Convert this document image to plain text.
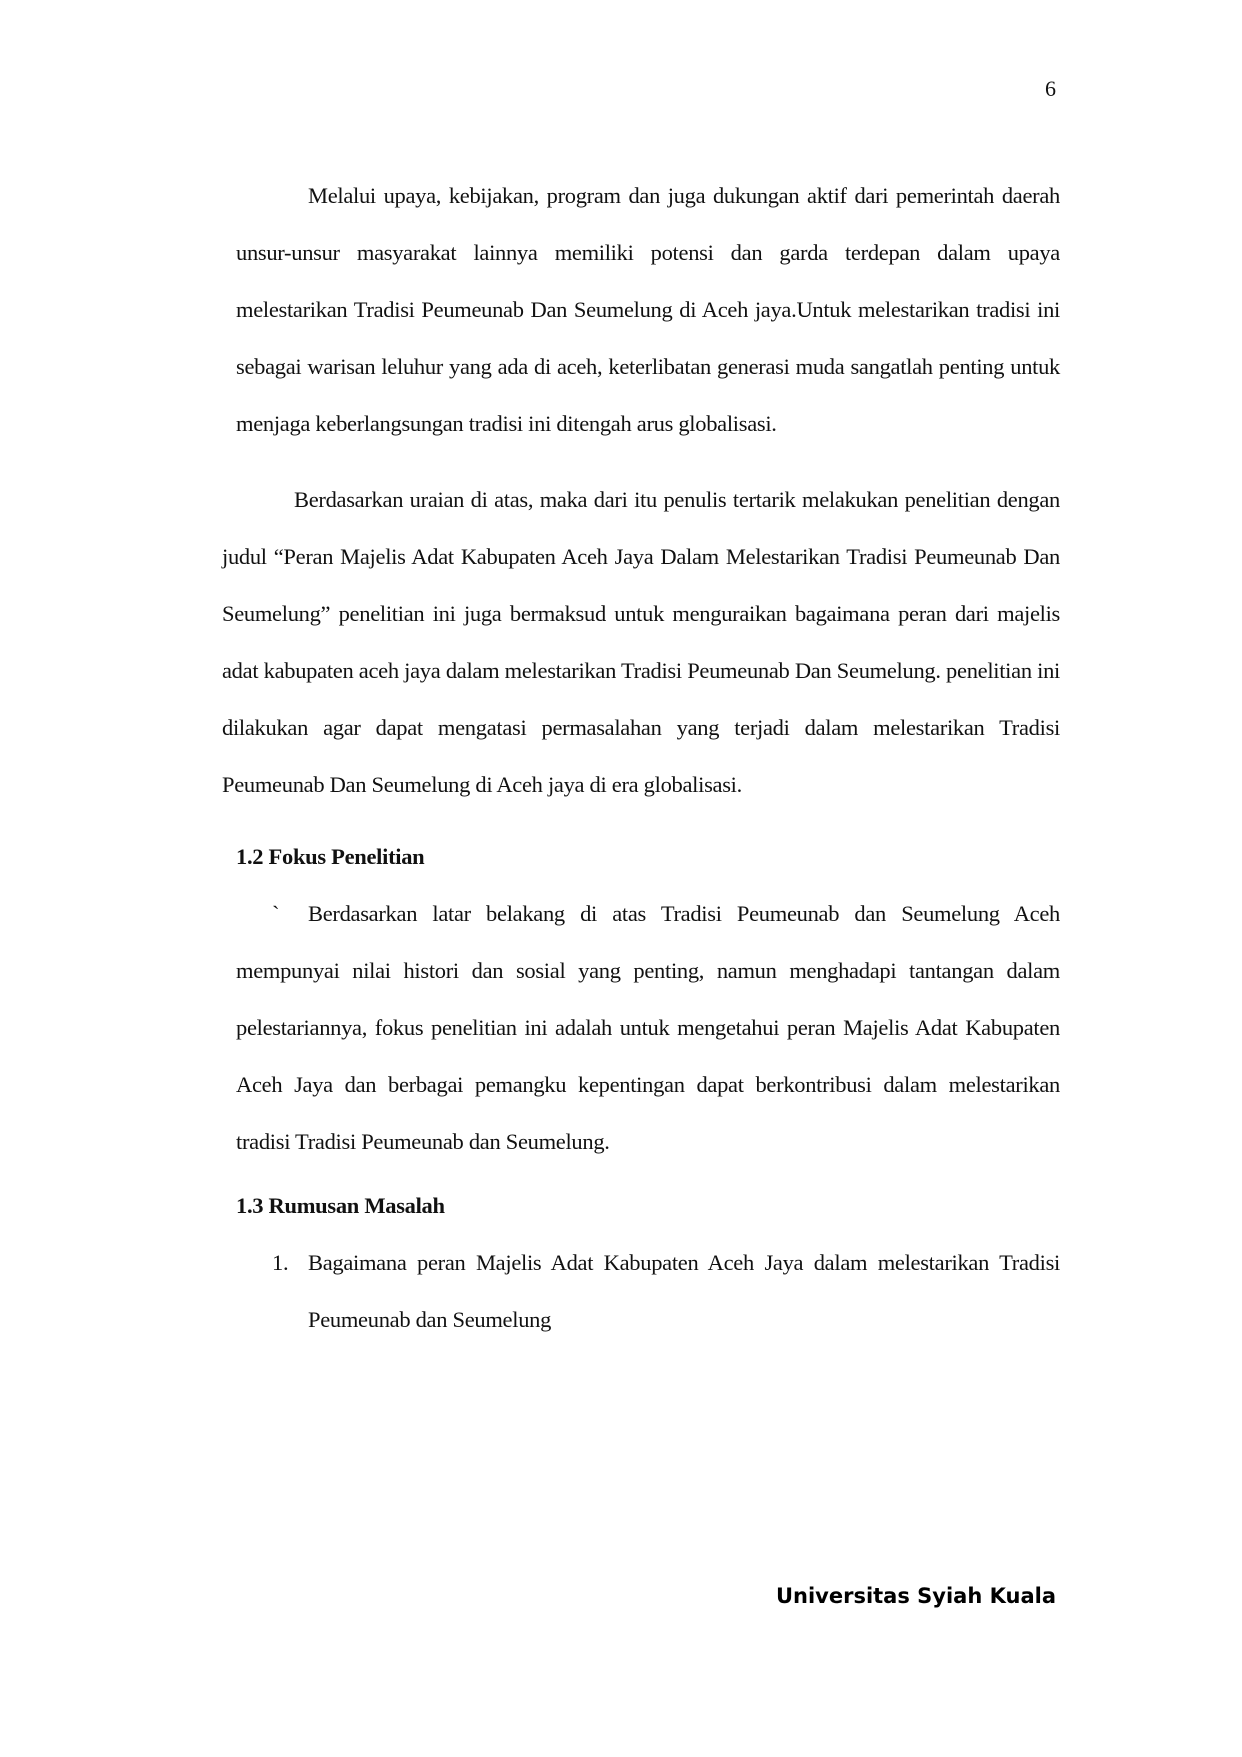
6

Melalui upaya, kebijakan, program dan juga dukungan aktif dari pemerintah daerah unsur-unsur masyarakat lainnya memiliki potensi dan garda terdepan dalam upaya melestarikan Tradisi Peumeunab Dan Seumelung di Aceh jaya.Untuk melestarikan tradisi ini sebagai warisan leluhur yang ada di aceh, keterlibatan generasi muda sangatlah penting untuk menjaga keberlangsungan tradisi ini ditengah arus globalisasi.

Berdasarkan uraian di atas, maka dari itu penulis tertarik melakukan penelitian dengan judul “Peran Majelis Adat Kabupaten Aceh Jaya Dalam Melestarikan Tradisi Peumeunab Dan Seumelung” penelitian ini juga bermaksud untuk menguraikan bagaimana peran dari majelis adat kabupaten aceh jaya dalam melestarikan Tradisi Peumeunab Dan Seumelung. penelitian ini dilakukan agar dapat mengatasi permasalahan yang terjadi dalam melestarikan Tradisi Peumeunab Dan Seumelung di Aceh jaya di era globalisasi.

1.2 Fokus Penelitian

` Berdasarkan latar belakang di atas Tradisi Peumeunab dan Seumelung Aceh mempunyai nilai histori dan sosial yang penting, namun menghadapi tantangan dalam pelestariannya, fokus penelitian ini adalah untuk mengetahui peran Majelis Adat Kabupaten Aceh Jaya dan berbagai pemangku kepentingan dapat berkontribusi dalam melestarikan tradisi Tradisi Peumeunab dan Seumelung.

1.3 Rumusan Masalah
1. Bagaimana peran Majelis Adat Kabupaten Aceh Jaya dalam melestarikan Tradisi Peumeunab dan Seumelung
Universitas Syiah Kuala
